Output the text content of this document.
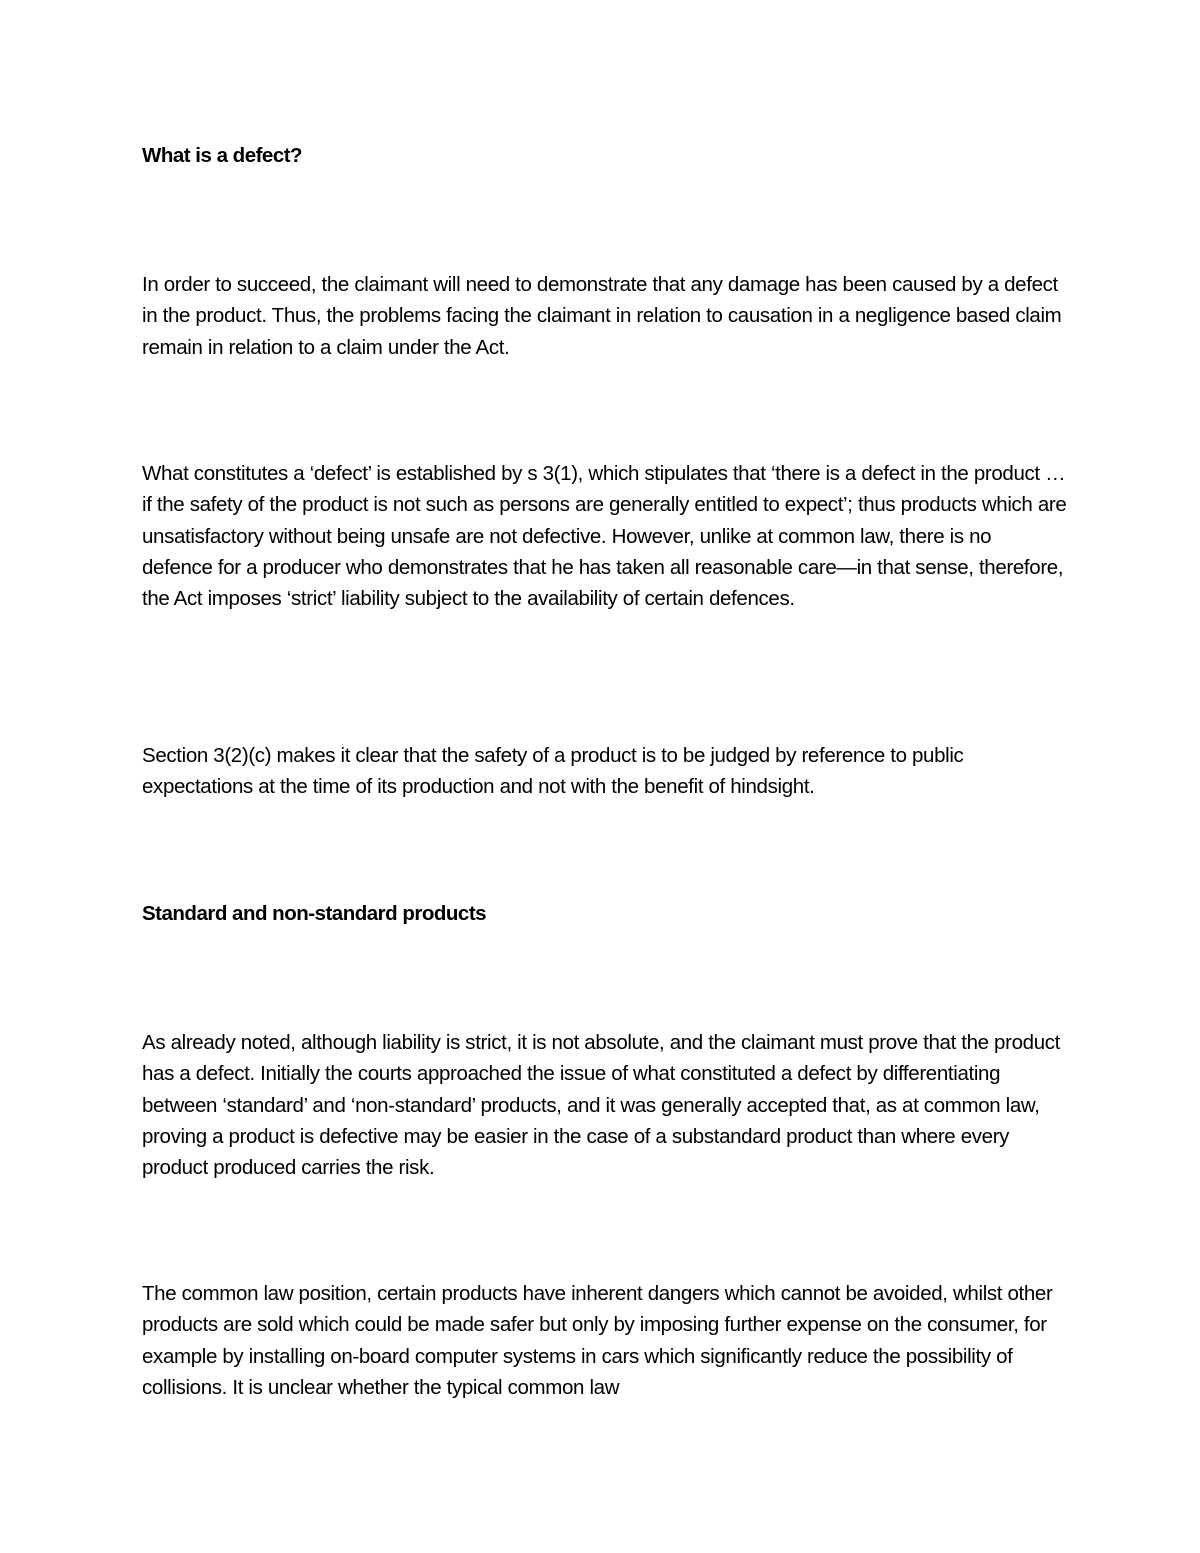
What is a defect?

In order to succeed, the claimant will need to demonstrate that any damage has been caused by a defect in the product. Thus, the problems facing the claimant in relation to causation in a negligence based claim remain in relation to a claim under the Act.

What constitutes a ‘defect’ is established by s 3(1), which stipulates that ‘there is a defect in the product … if the safety of the product is not such as persons are generally entitled to expect’; thus products which are unsatisfactory without being unsafe are not defective. However, unlike at common law, there is no defence for a producer who demonstrates that he has taken all reasonable care—in that sense, therefore, the Act imposes ‘strict’ liability subject to the availability of certain defences.

Section 3(2)(c) makes it clear that the safety of a product is to be judged by reference to public expectations at the time of its production and not with the benefit of hindsight.

Standard and non-standard products

As already noted, although liability is strict, it is not absolute, and the claimant must prove that the product has a defect. Initially the courts approached the issue of what constituted a defect by differentiating between ‘standard’ and ‘non-standard’ products, and it was generally accepted that, as at common law, proving a product is defective may be easier in the case of a substandard product than where every product produced carries the risk.

The common law position, certain products have inherent dangers which cannot be avoided, whilst other products are sold which could be made safer but only by imposing further expense on the consumer, for example by installing on-board computer systems in cars which significantly reduce the possibility of collisions. It is unclear whether the typical common law
